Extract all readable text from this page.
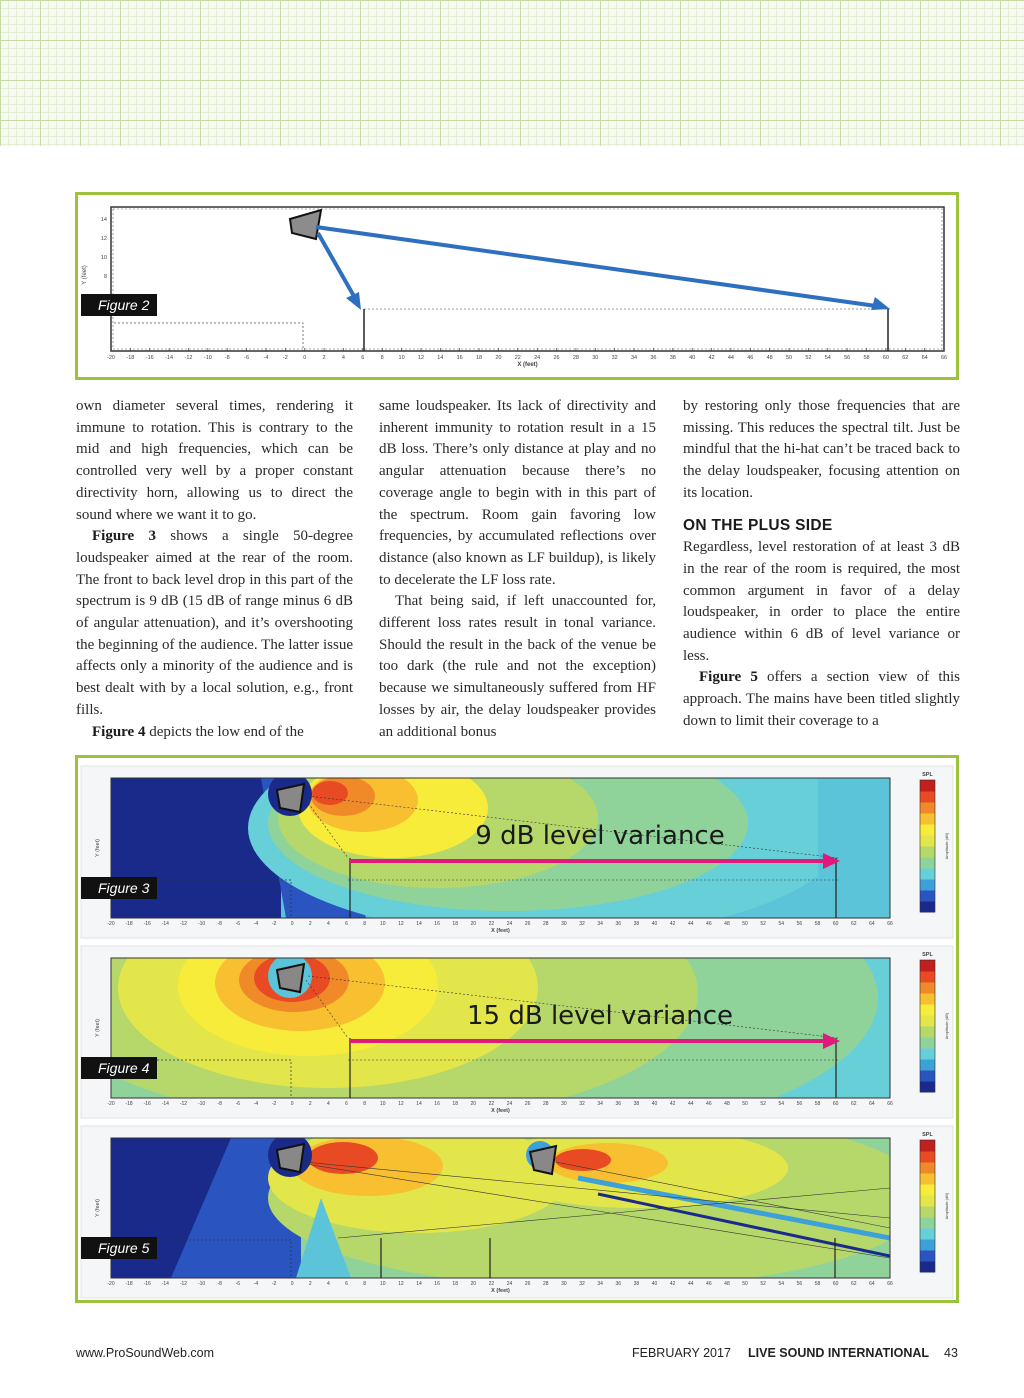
-20 -18 -16 -14 -12 -10 -8	-6	-4	-2	0	2	4	6	8	10 12 14 16 18 20 22 24 26 28 30 32 34 36 38 40 42 44 46 48 50 52 54 56 58 60 62 64 66
X (feet)
14
12
10
8
Y (feet)
Figure 2

own diameter several times, rendering it immune to rotation. This is contrary to the mid and high frequencies, which can be controlled very well by a proper constant directivity horn, allowing us to direct the sound where we want it to go.

Figure 3 shows a single 50-degree loudspeaker aimed at the rear of the room. The front to back level drop in this part of the spectrum is 9 dB (15 dB of range minus 6 dB of angular attenuation), and it’s overshooting the beginning of the audience. The latter issue affects only a minority of the audience and is best dealt with by a local solution, e.g., front fills.

Figure 4 depicts the low end of the

same loudspeaker. Its lack of directivity and inherent immunity to rotation result in a 15 dB loss. There’s only distance at play and no angular attenuation because there’s no coverage angle to begin with in this part of the spectrum. Room gain favoring low frequencies, by accumulated reflections over distance (also known as LF buildup), is likely to decelerate the LF loss rate.

That being said, if left unaccounted for, different loss rates result in tonal variance. Should the result in the back of the venue be too dark (the rule and not the exception) because we simultaneously suffered from HF losses by air, the delay loudspeaker provides an additional bonus

by restoring only those frequencies that are missing. This reduces the spectral tilt. Just be mindful that the hi-hat can’t be traced back to the delay loudspeaker, focusing attention on its location.

ON THE PLUS SIDE

Regardless, level restoration of at least 3 dB in the rear of the room is required, the most common argument in favor of a delay loudspeaker, in order to place the entire audience within 6 dB of level variance or less.

Figure 5 offers a section view of this approach. The mains have been titled slightly down to limit their coverage to a

-20 -18 -16 -14 -12 -10 -8	-6	-4	-2	0	2	4	6	8	10	12	14	16	18	20	22	24	26	28	30	32	34	36	38	40	42	44	46	48	50	52	54	56	58	60	62	64	66
X (feet)
Y (feet)	9 dB level variance
SPL
Amplitude (dB)
-20 -18 -16 -14 -12 -10 -8	-6	-4	-2	0	2	4	6	8	10	12	14	16	18	20	22	24	26	28	30	32	34	36	38	40	42	44	46	48	50	52	54	56	58	60	62	64	66
X (feet)
Y (feet)	15 dB level variance
SPL
Amplitude (dB)
-20 -18 -16 -14 -12 -10 -8	-6	-4	-2	0	2	4	6	8	10	12	14	16	18	20	22	24	26	28	30	32	34	36	38	40	42	44	46	48	50	52	54	56	58	60	62	64	66
X (feet)
Y (feet)
SPL
Amplitude (dB)
Figure 3
Figure 4
Figure 5
www.ProSoundWeb.com	FEBRUARY 2017 LIVE SOUND INTERNATIONAL 43
